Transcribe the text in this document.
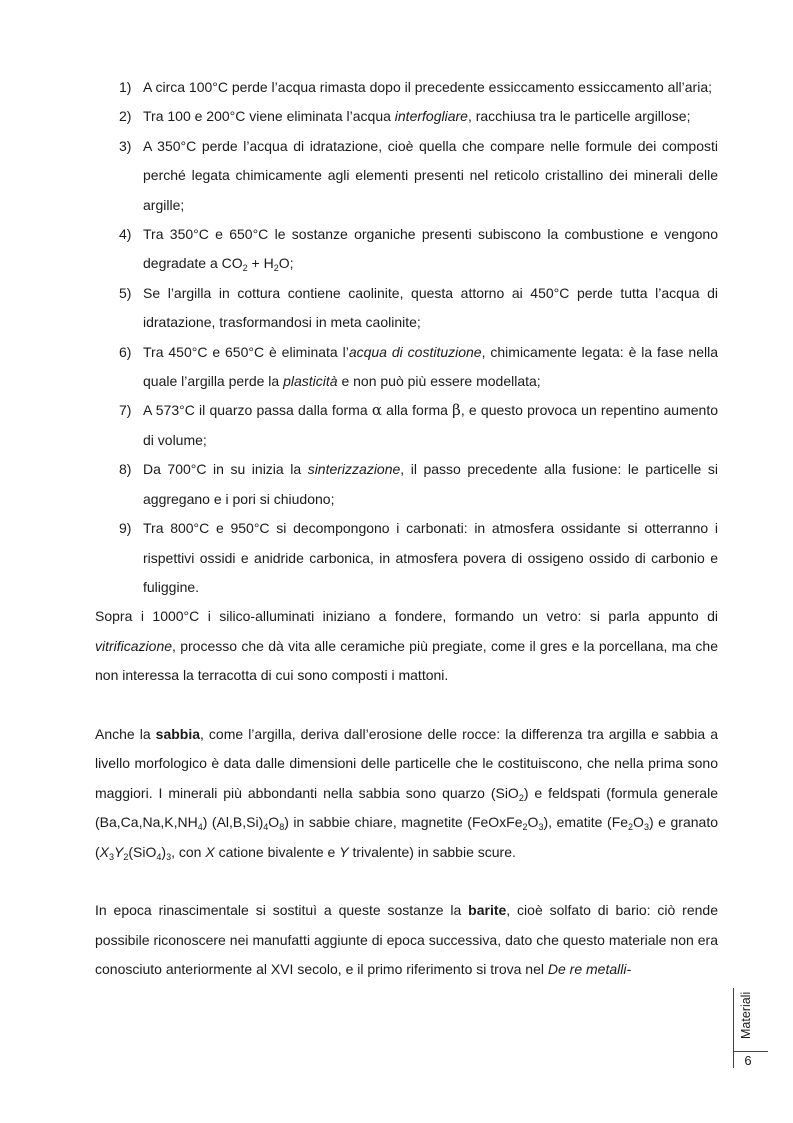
1) A circa 100°C perde l’acqua rimasta dopo il precedente essiccamento essiccamento all’aria;
2) Tra 100 e 200°C viene eliminata l’acqua interfogliare, racchiusa tra le particelle argillose;
3) A 350°C perde l’acqua di idratazione, cioè quella che compare nelle formule dei composti perché legata chimicamente agli elementi presenti nel reticolo cristallino dei minerali delle argille;
4) Tra 350°C e 650°C le sostanze organiche presenti subiscono la combustione e vengono degradate a $CO_2 + H_2O$;
5) Se l’argilla in cottura contiene caolinite, questa attorno ai 450°C perde tutta l’acqua di idratazione, trasformandosi in meta caolinite;
6) Tra 450°C e 650°C è eliminata l’acqua di costituzione, chimicamente legata: è la fase nella quale l’argilla perde la plasticità e non può più essere modellata;
7) A 573°C il quarzo passa dalla forma α alla forma β, e questo provoca un repentino aumento di volume;
8) Da 700°C in su inizia la sinterizzazione, il passo precedente alla fusione: le particelle si aggregano e i pori si chiudono;
9) Tra 800°C e 950°C si decompongono i carbonati: in atmosfera ossidante si otterranno i rispettivi ossidi e anidride carbonica, in atmosfera povera di ossigeno ossido di carbonio e fuliggine.

Sopra i 1000°C i silico-alluminati iniziano a fondere, formando un vetro: si parla appunto di vitrificazione, processo che dà vita alle ceramiche più pregiate, come il gres e la porcellana, ma che non interessa la terracotta di cui sono composti i mattoni.

Anche la sabbia, come l’argilla, deriva dall’erosione delle rocce: la differenza tra argilla e sabbia a livello morfologico è data dalle dimensioni delle particelle che le costituiscono, che nella prima sono maggiori. I minerali più abbondanti nella sabbia sono quarzo (SiO$_2$) e feldspati (formula generale $(Ba,Ca,Na,K,NH_4)$ $(Al,B,Si)_4O_8$) in sabbie chiare, magnetite $(FeOxFe_2O_3)$, ematite $(Fe_2O_3)$ e granato ($X_3Y_2(SiO_4)_3$, con X catione bivalente e Y trivalente) in sabbie scure.

In epoca rinascimentale si sostituì a queste sostanze la barite, cioè solfato di bario: ciò rende possibile riconoscere nei manufatti aggiunte di epoca successiva, dato che questo materiale non era conosciuto anteriormente al XVI secolo, e il primo riferimento si trova nel De re metalli-

Materiali
6
